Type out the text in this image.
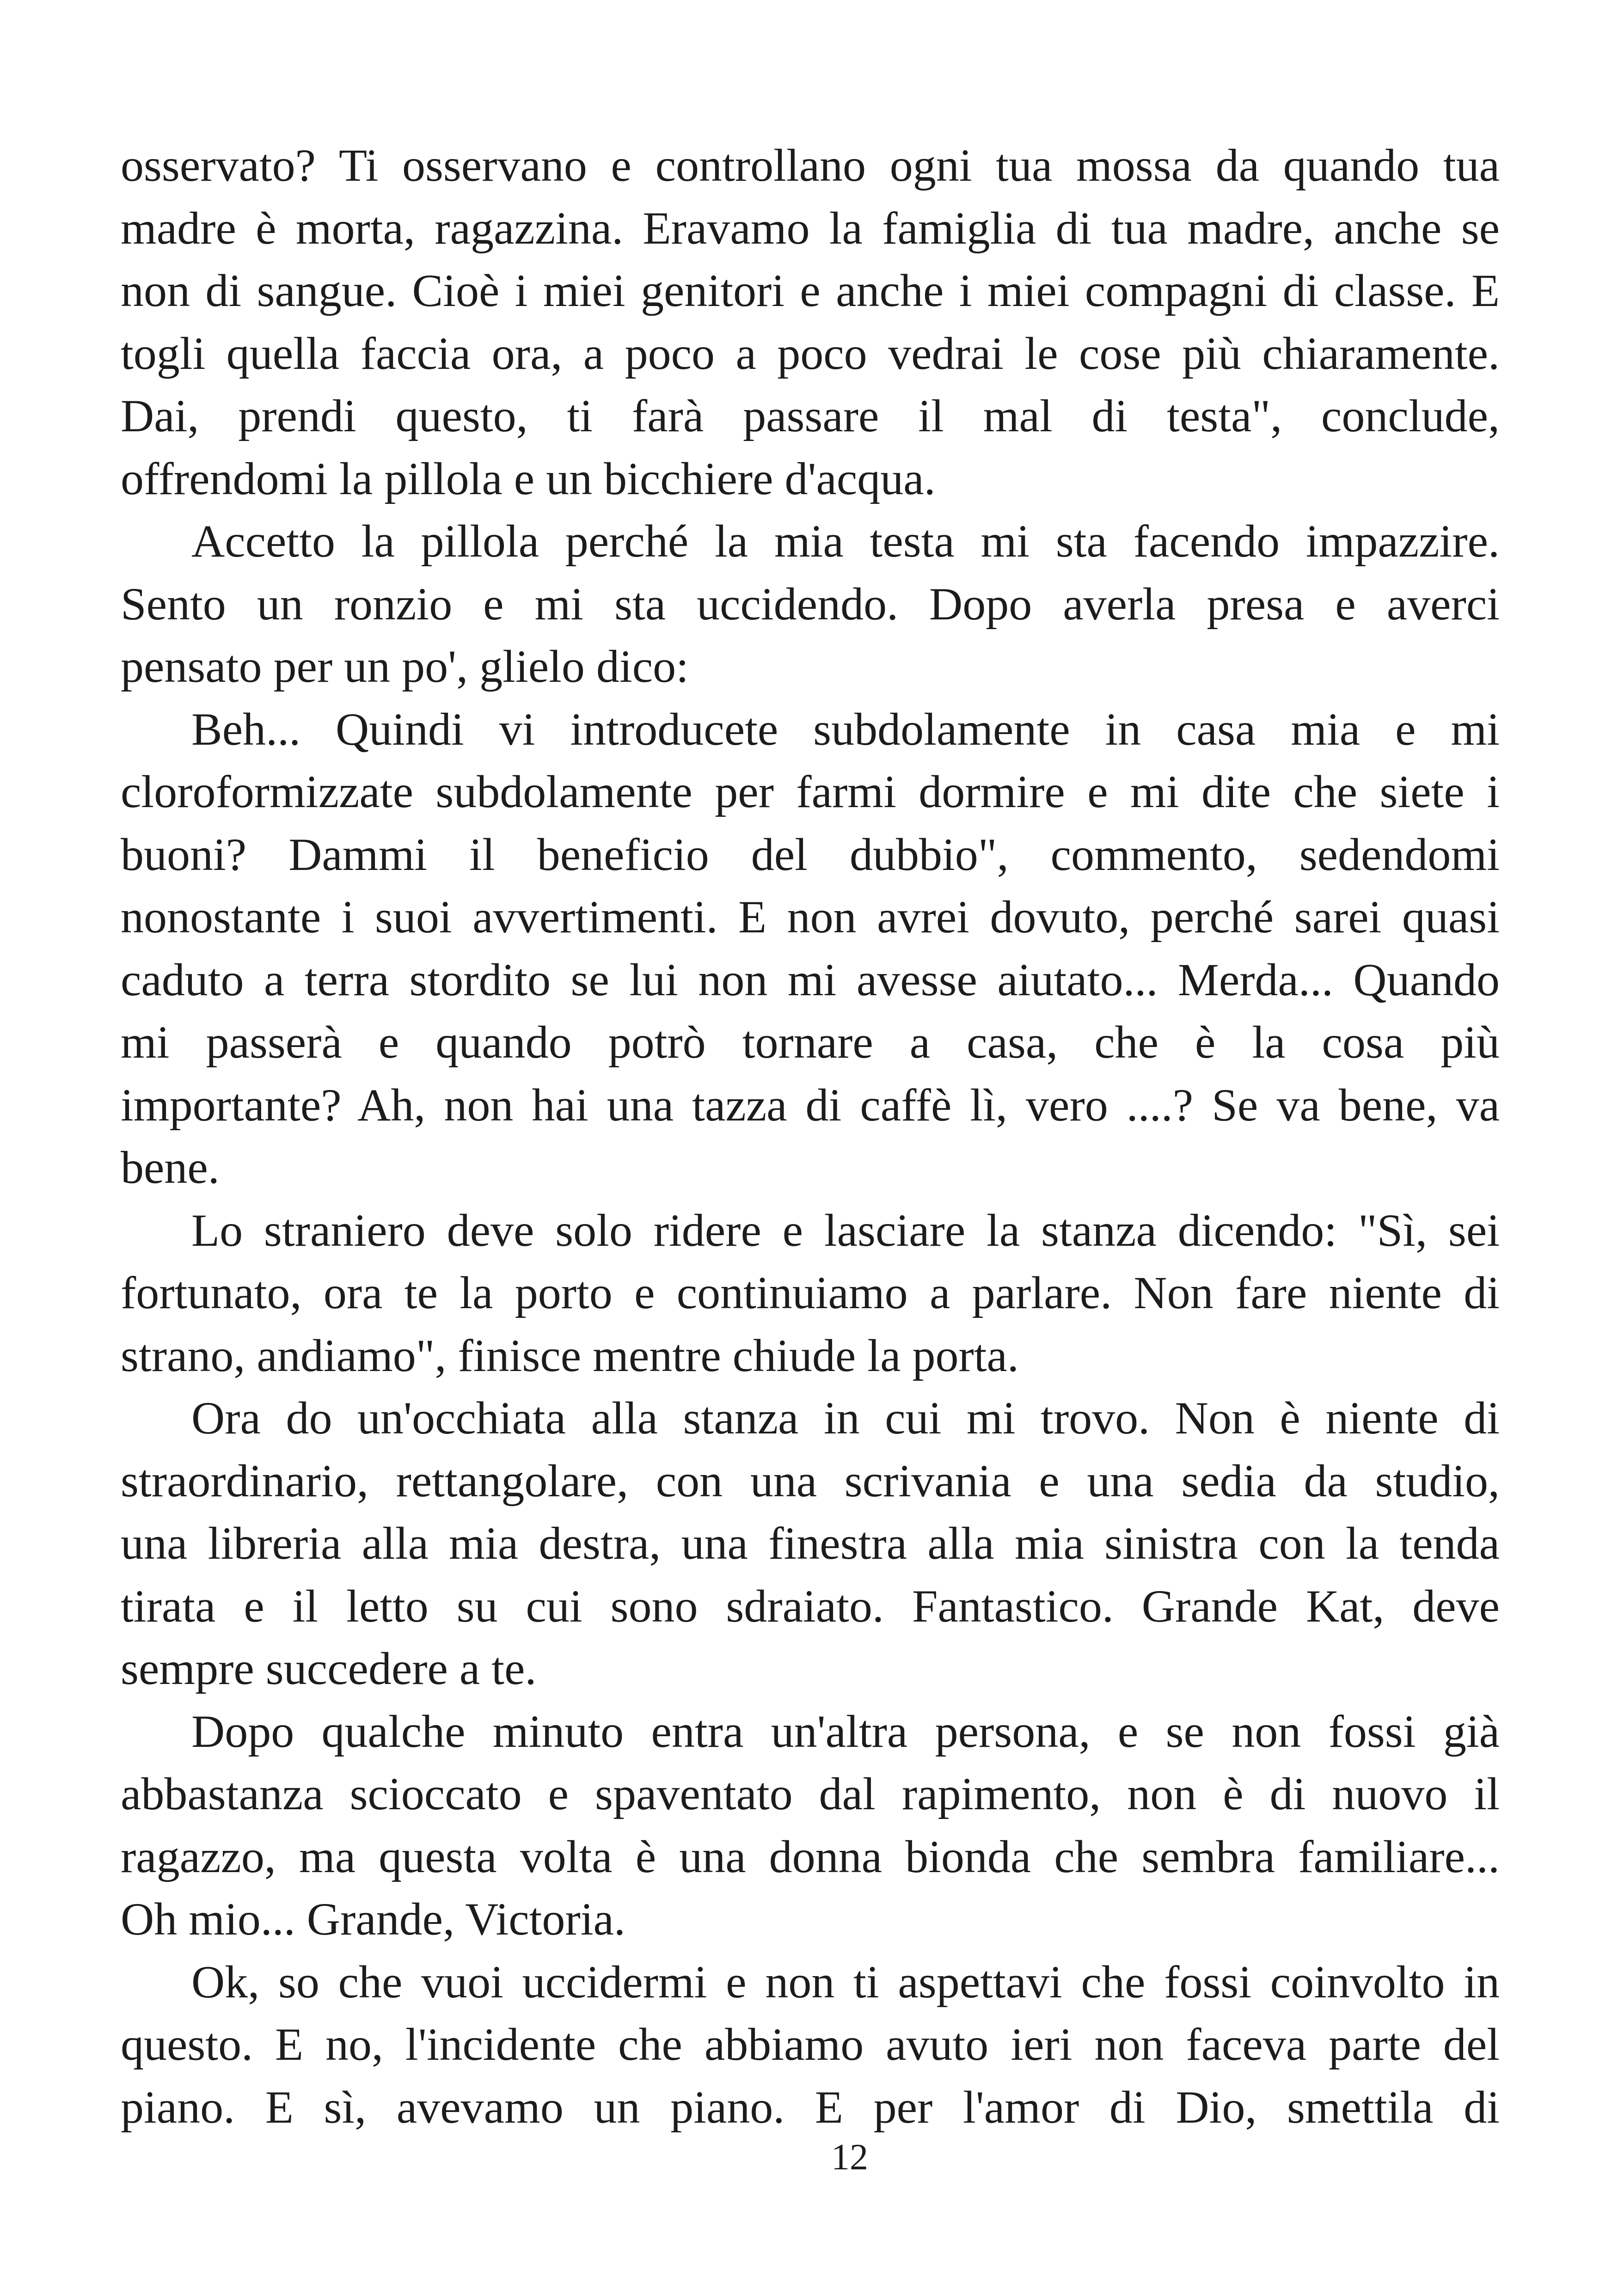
osservato? Ti osservano e controllano ogni tua mossa da quando tua
madre è morta, ragazzina. Eravamo la famiglia di tua madre, anche se
non di sangue. Cioè i miei genitori e anche i miei compagni di classe. E
togli quella faccia ora, a poco a poco vedrai le cose più chiaramente.
Dai, prendi questo, ti farà passare il mal di testa", conclude,
offrendomi la pillola e un bicchiere d'acqua.
Accetto la pillola perché la mia testa mi sta facendo impazzire.
Sento un ronzio e mi sta uccidendo. Dopo averla presa e averci
pensato per un po', glielo dico:
Beh... Quindi vi introducete subdolamente in casa mia e mi
cloroformizzate subdolamente per farmi dormire e mi dite che siete i
buoni? Dammi il beneficio del dubbio", commento, sedendomi
nonostante i suoi avvertimenti. E non avrei dovuto, perché sarei quasi
caduto a terra stordito se lui non mi avesse aiutato... Merda... Quando
mi passerà e quando potrò tornare a casa, che è la cosa più
importante? Ah, non hai una tazza di caffè lì, vero ....? Se va bene, va
bene.
Lo straniero deve solo ridere e lasciare la stanza dicendo: "Sì, sei
fortunato, ora te la porto e continuiamo a parlare. Non fare niente di
strano, andiamo", finisce mentre chiude la porta.
Ora do un'occhiata alla stanza in cui mi trovo. Non è niente di
straordinario, rettangolare, con una scrivania e una sedia da studio,
una libreria alla mia destra, una finestra alla mia sinistra con la tenda
tirata e il letto su cui sono sdraiato. Fantastico. Grande Kat, deve
sempre succedere a te.
Dopo qualche minuto entra un'altra persona, e se non fossi già
abbastanza scioccato e spaventato dal rapimento, non è di nuovo il
ragazzo, ma questa volta è una donna bionda che sembra familiare...
Oh mio... Grande, Victoria.
Ok, so che vuoi uccidermi e non ti aspettavi che fossi coinvolto in
questo. E no, l'incidente che abbiamo avuto ieri non faceva parte del
piano. E sì, avevamo un piano. E per l'amor di Dio, smettila di
12
